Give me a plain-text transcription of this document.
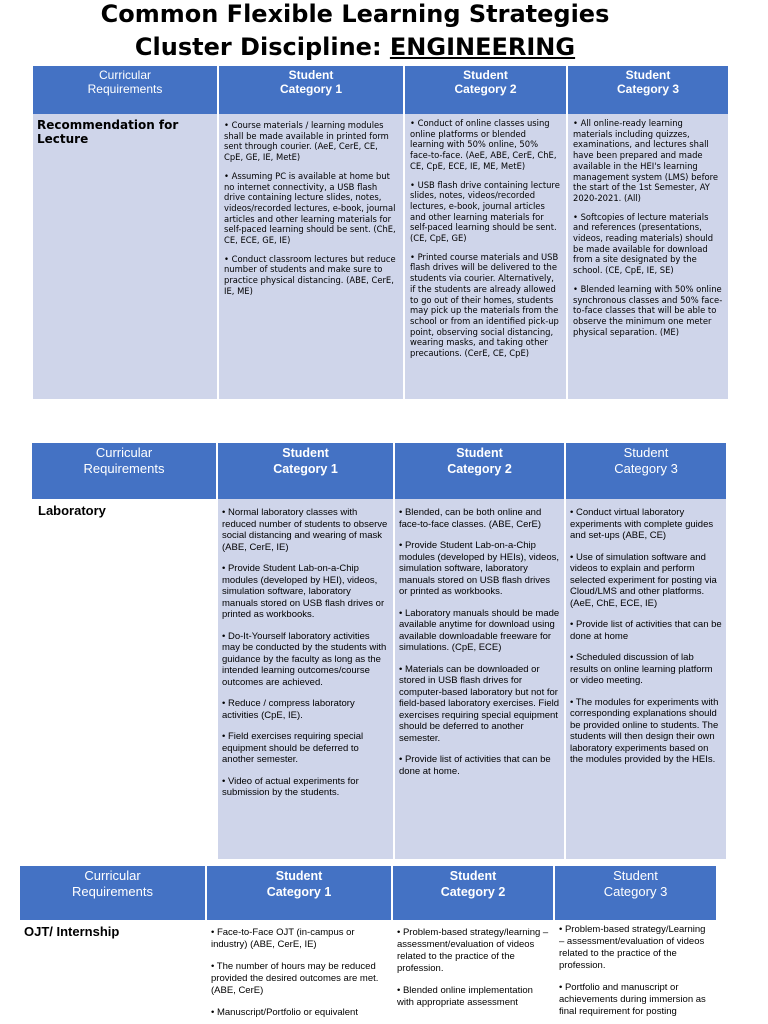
Common Flexible Learning Strategies
Cluster Discipline: ENGINEERING
Curricular
Requirements
Student
Category 1
Student
Category 2
Student
Category 3
Recommendation for Lecture

• Course materials / learning modules shall be made available in printed form sent through courier. (AeE, CerE, CE, CpE, GE, IE, MetE)

• Assuming PC is available at home but no internet connectivity, a USB flash drive containing lecture slides, notes, videos/recorded lectures, e-book, journal articles and other learning materials for self-paced learning should be sent. (ChE, CE, ECE, GE, IE)

• Conduct classroom lectures but reduce number of students and make sure to practice physical distancing. (ABE, CerE, IE, ME)

• Conduct of online classes using online platforms or blended learning with 50% online, 50% face-to-face. (AeE, ABE, CerE, ChE, CE, CpE, ECE, IE, ME, MetE)

• USB flash drive containing lecture slides, notes, videos/recorded lectures, e-book, journal articles and other learning materials for self-paced learning should be sent. (CE, CpE, GE)

• Printed course materials and USB flash drives will be delivered to the students via courier. Alternatively, if the students are already allowed to go out of their homes, students may pick up the materials from the school or from an identified pick-up point, observing social distancing, wearing masks, and taking other precautions. (CerE, CE, CpE)

• All online-ready learning materials including quizzes, examinations, and lectures shall have been prepared and made available in the HEI's learning management system (LMS) before the start of the 1st Semester, AY 2020-2021. (All)

• Softcopies of lecture materials and references (presentations, videos, reading materials) should be made available for download from a site designated by the school. (CE, CpE, IE, SE)

• Blended learning with 50% online synchronous classes and 50% face-to-face classes that will be able to observe the minimum one meter physical separation. (ME)

Curricular
Requirements
Student
Category 1
Student
Category 2
Student
Category 3
Laboratory	• Normal laboratory classes with reduced number of students to observe social distancing and wearing of mask (ABE, CerE, IE)

• Provide Student Lab-on-a-Chip modules (developed by HEI), videos, simulation software, laboratory manuals stored on USB flash drives or printed as workbooks.

• Do-It-Yourself laboratory activities may be conducted by the students with guidance by the faculty as long as the intended learning outcomes/course outcomes are achieved.

• Reduce / compress laboratory activities (CpE, IE).

• Field exercises requiring special equipment should be deferred to another semester.

• Video of actual experiments for submission by the students.

• Blended, can be both online and face-to-face classes. (ABE, CerE)

• Provide Student Lab-on-a-Chip modules (developed by HEIs), videos, simulation software, laboratory manuals stored on USB flash drives or printed as workbooks.

• Laboratory manuals should be made available anytime for download using available downloadable freeware for simulations. (CpE, ECE)

• Materials can be downloaded or stored in USB flash drives for computer-based laboratory but not for field-based laboratory exercises. Field exercises requiring special equipment should be deferred to another semester.

• Provide list of activities that can be done at home.

• Conduct virtual laboratory experiments with complete guides and set-ups (ABE, CE)

• Use of simulation software and videos to explain and perform selected experiment for posting via Cloud/LMS and other platforms. (AeE, ChE, ECE, IE)

• Provide list of activities that can be done at home

• Scheduled discussion of lab results on online learning platform or video meeting.

• The modules for experiments with corresponding explanations should be provided online to students. The students will then design their own laboratory experiments based on the modules provided by the HEIs.

Curricular
Requirements
Student
Category 1
Student
Category 2
Student
Category 3
OJT/ Internship	• Face-to-Face OJT (in-campus or industry) (ABE, CerE, IE)

• The number of hours may be reduced provided the desired outcomes are met. (ABE, CerE)

• Manuscript/Portfolio or equivalent

• Problem-based strategy/learning – assessment/evaluation of videos related to the practice of the profession.

• Blended online implementation with appropriate assessment

• Problem-based strategy/Learning – assessment/evaluation of videos related to the practice of the profession.

• Portfolio and manuscript or achievements during immersion as final requirement for posting
